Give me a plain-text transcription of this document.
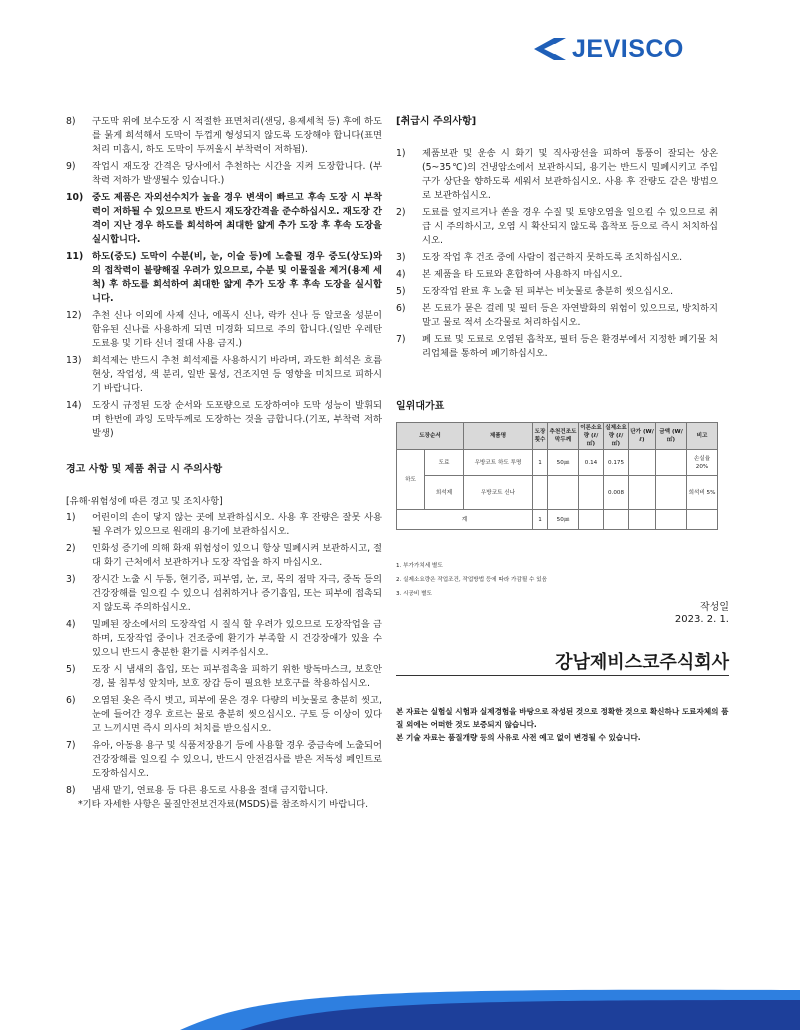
JEVISCO
8)	구도막 위에 보수도장 시 적절한 표면처리(샌딩, 용제세척 등) 후에 하도를 묽게 희석해서 도막이 두껍게 형성되지 않도록 도장해야 합니다(표면 처리 미흡시, 하도 도막이 두꺼울시 부착력이 저하됨).
9)	작업시 재도장 간격은 당사에서 추천하는 시간을 지켜 도장합니다. (부착력 저하가 발생될수 있습니다.)
10) 중도 제품은 자외선수치가 높을 경우 변색이 빠르고 후속 도장 시 부착력이 저하될 수 있으므로 반드시 재도장간격을 준수하십시오. 재도장 간격이 지난 경우 하도를 희석하여 최대한 얇게 추가 도장 후 후속 도장을 실시합니다.
11) 하도(중도) 도막이 수분(비, 눈, 이슬 등)에 노출될 경우 중도(상도)와의 접착력이 불량해질 우려가 있으므로, 수분 및 이물질을 제거(용제 세척) 후 하도를 희석하여 최대한 얇게 추가 도장 후 후속 도장을 실시합니다.
12)	추천 신나 이외에 사제 신나, 에폭시 신나, 락카 신나 등 알코올 성분이 함유된 신나를 사용하게 되면 미경화 되므로 주의 합니다.(일반 우레탄 도료용 및 기타 신너 절대 사용 금지.)
13)	희석제는 반드시 추천 희석제를 사용하시기 바라며, 과도한 희석은 흐름현상, 작업성, 색 분리, 일반 물성, 건조지연 등 영향을 미치므로 피하시기 바랍니다.
14)	도장시 규정된 도장 순서와 도포량으로 도장하여야 도막 성능이 발휘되며 한번에 과잉 도막두께로 도장하는 것을 금합니다.(기포, 부착력 저하 발생)

경고 사항 및 제품 취급 시 주의사항

[유해·위험성에 따른 경고 및 조치사항]

1)	어린이의 손이 닿지 않는 곳에 보관하십시오. 사용 후 잔량은 잘못 사용될 우려가 있으므로 원래의 용기에 보관하십시오.
2)	인화성 증기에 의해 화재 위험성이 있으니 항상 밀폐시켜 보관하시고, 절대 화기 근처에서 보관하거나 도장 작업을 하지 마십시오.
3)	장시간 노출 시 두통, 현기증, 피부염, 눈, 코, 목의 점막 자극, 중독 등의 건강장해를 일으킬 수 있으니 섭취하거나 증기흡입, 또는 피부에 접촉되지 않도록 주의하십시오.
4)	밀폐된 장소에서의 도장작업 시 질식 할 우려가 있으므로 도장작업을 금하며, 도장작업 중이나 건조중에 환기가 부족할 시 건강장애가 있을 수 있으니 반드시 충분한 환기를 시켜주십시오.
5)	도장 시 냄새의 흡입, 또는 피부접촉을 피하기 위한 방독마스크, 보호안경, 불 침투성 앞치마, 보호 장갑 등이 필요한 보호구를 착용하십시오.
6)	오염된 옷은 즉시 벗고, 피부에 묻은 경우 다량의 비눗물로 충분히 씻고, 눈에 들어간 경우 흐르는 물로 충분히 씻으십시오. 구토 등 이상이 있다고 느끼시면 즉시 의사의 처치를 받으십시오.
7)	유아, 아동용 용구 및 식품저장용기 등에 사용할 경우 중금속에 노출되어 건강장해를 일으킬 수 있으니, 반드시 안전검사를 받은 저독성 페인트로 도장하십시오.
8)	냄새 맡기, 연료용 등 다른 용도로 사용을 절대 금지합니다.
*기타 자세한 사항은 물질안전보건자료(MSDS)를 참조하시기 바랍니다.

[취급시 주의사항]

1)	제품보관 및 운송 시 화기 및 직사광선을 피하여 통풍이 잘되는 상온(5~35℃)의 건냉암소에서 보관하시되, 용기는 반드시 밀폐시키고 주입구가 상단을 향하도록 세워서 보관하십시오. 사용 후 잔량도 같은 방법으로 보관하십시오.
2)	도료를 엎지르거나 쏟을 경우 수질 및 토양오염을 일으킬 수 있으므로 취급 시 주의하시고, 오염 시 확산되지 않도록 흡착포 등으로 즉시 처치하십시오.
3)	도장 작업 후 건조 중에 사람이 접근하지 못하도록 조치하십시오.
4)	본 제품을 타 도료와 혼합하여 사용하지 마십시오.
5)	도장작업 완료 후 노출 된 피부는 비눗물로 충분히 씻으십시오.
6)	본 도료가 묻은 걸레 및 필터 등은 자연발화의 위험이 있으므로, 방치하지 말고 물로 적셔 소각물로 처리하십시오.
7)	폐 도료 및 도료로 오염된 흡착포, 필터 등은 환경부에서 지정한 폐기물 처리업체를 통하여 폐기하십시오.

일위대가표

도장순서		제품명	도장횟수	추천건조도막두께	이론소요량 (ℓ/㎡)	실제소요량 (ℓ/㎡)	단가 (W/ℓ)	금액 (W/㎡)	비고
하도	도료	우방코트 하도 투명	1	50㎛	0.14	0.175			손실율 20%
	희석제	우방코트 신나				0.008			희석비 5%
계			1	50㎛					
1. 부가가치세 별도
2. 실제소요량은 작업조건, 작업방법 등에 따라 가감될 수 있음
3. 시공비 별도
작성일
2023. 2. 1.
강남제비스코주식회사
본 자료는 실험실 시험과 실제경험을 바탕으로 작성된 것으로 정확한 것으로 확신하나 도료자체의 품질 외에는 어떠한 것도 보증되지 않습니다.
본 기술 자료는 품질개량 등의 사유로 사전 예고 없이 변경될 수 있습니다.
